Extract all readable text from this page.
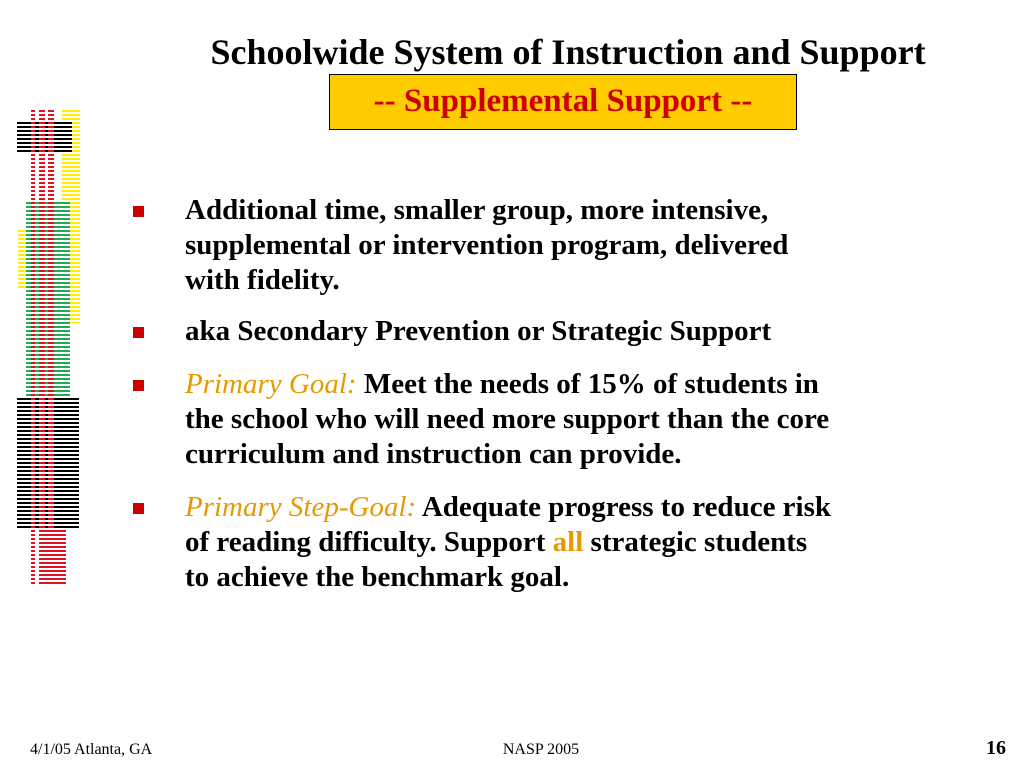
Schoolwide System of Instruction and Support
-- Supplemental Support --
Additional time, smaller group, more intensive,
supplemental or intervention program, delivered
with fidelity.
aka Secondary Prevention or Strategic Support
Primary Goal: Meet the needs of 15% of students in
the school who will need more support than the core
curriculum and instruction can provide.
Primary Step-Goal: Adequate progress to reduce risk
of reading difficulty. Support all strategic students
to achieve the benchmark goal.
4/1/05 Atlanta, GA	NASP 2005	16
